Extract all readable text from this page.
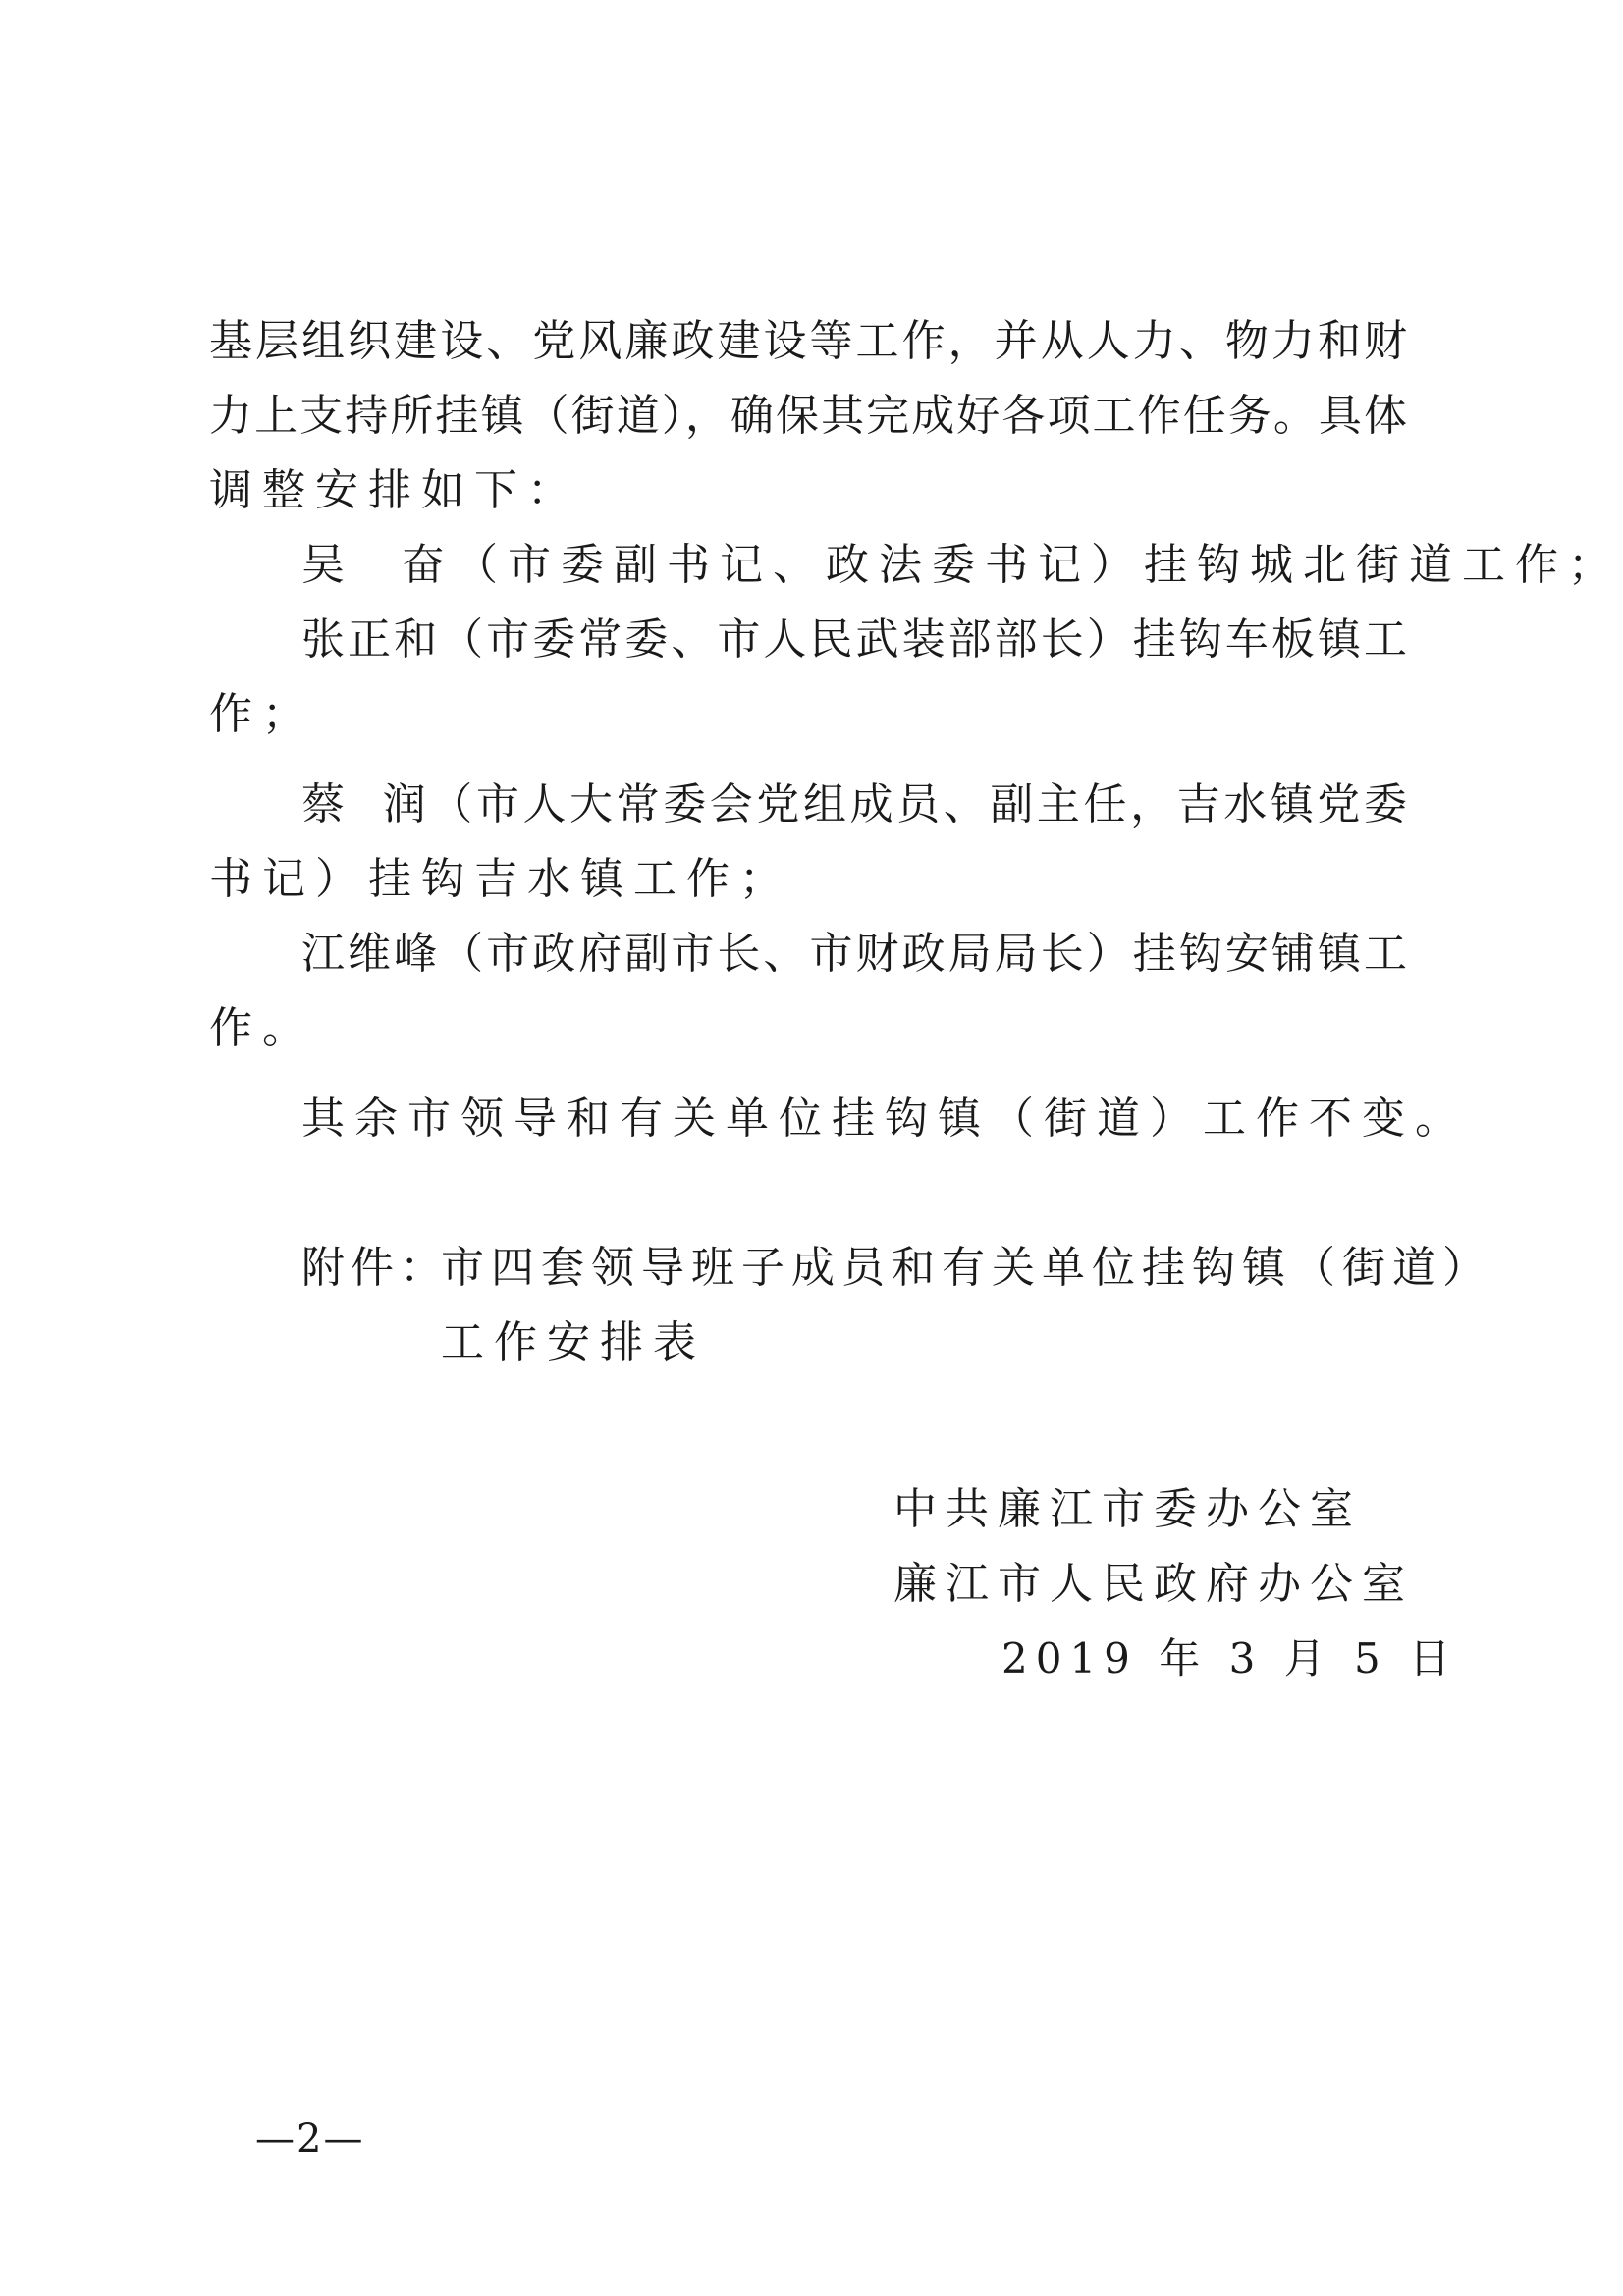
基层组织建设、党风廉政建设等工作，并从人力、物力和财
力上支持所挂镇（街道），确保其完成好各项工作任务。具体
调整安排如下：
吴  奋（市委副书记、政法委书记）挂钩城北街道工作；
张正和（市委常委、市人民武装部部长）挂钩车板镇工
作；
蔡  润（市人大常委会党组成员、副主任，吉水镇党委
书记）挂钩吉水镇工作；
江维峰（市政府副市长、市财政局局长）挂钩安铺镇工
作。
其余市领导和有关单位挂钩镇（街道）工作不变。
附件：
市四套领导班子成员和有关单位挂钩镇（街道）
工作安排表
中共廉江市委办公室
廉江市人民政府办公室
2019 年 3 月 5 日
—2—
